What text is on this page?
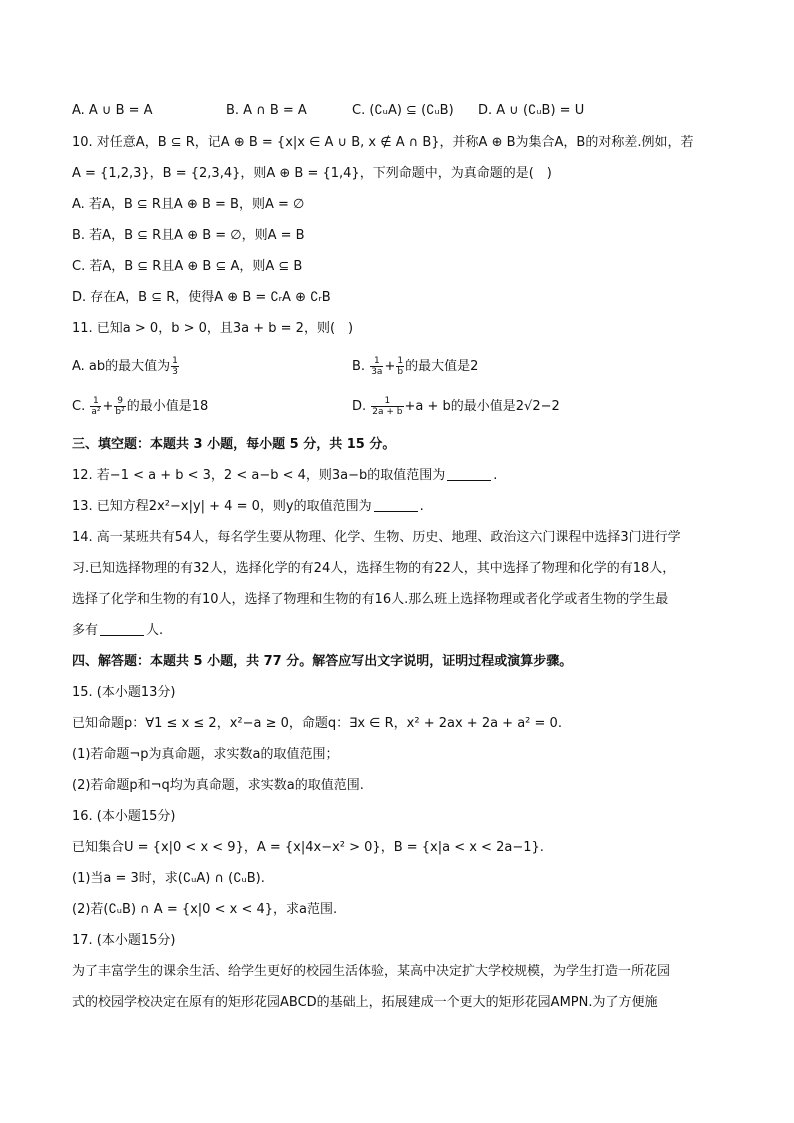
A. A ∪ B = A	B. A ∩ B = A	C. (∁ᵤA) ⊆ (∁ᵤB) D. A ∪ (∁ᵤB) = U
10. 对任意A，B ⊆ R，记A ⊕ B = {x|x ∈ A ∪ B, x ∉ A ∩ B}，并称A ⊕ B为集合A，B的对称差.例如，若
A = {1,2,3}，B = {2,3,4}，则A ⊕ B = {1,4}，下列命题中，为真命题的是(　)
A. 若A，B ⊆ R且A ⊕ B = B，则A = ∅
B. 若A，B ⊆ R且A ⊕ B = ∅，则A = B
C. 若A，B ⊆ R且A ⊕ B ⊆ A，则A ⊆ B
D. 存在A，B ⊆ R，使得A ⊕ B = ∁ᵣA ⊕ ∁ᵣB
11. 已知a > 0，b > 0，且3a + b = 2，则(　)
A. ab的最大值为 $\frac{1}{3}$	B. $\frac{1}{3a} + \frac{1}{b}$ 的最大值是2
C. $\frac{1}{\text{a²}} + \frac{9}{\text{b²}}$ 的最小值是18	D. $\frac{1}{2a + b} +a + b$的最小值是2√2−2
三、填空题：本题共 3 小题，每小题 5 分，共 15 分。
12. 若−1 < a + b < 3，2 < a−b < 4，则3a−b的取值范围为	.
13. 已知方程2x²−x|y| + 4 = 0，则y的取值范围为	.
14. 高一某班共有54人，每名学生要从物理、化学、生物、历史、地理、政治这六门课程中选择3门进行学
习.已知选择物理的有32人，选择化学的有24人，选择生物的有22人，其中选择了物理和化学的有18人，
选择了化学和生物的有10人，选择了物理和生物的有16人.那么班上选择物理或者化学或者生物的学生最
多有	人.
四、解答题：本题共 5 小题，共 77 分。解答应写出文字说明，证明过程或演算步骤。
15. (本小题13分)
已知命题p：∀1 ≤ x ≤ 2，x²−a ≥ 0，命题q：∃x ∈ R，x² + 2ax + 2a + a² = 0.
(1)若命题¬p为真命题，求实数a的取值范围；
(2)若命题p和¬q均为真命题，求实数a的取值范围.
16. (本小题15分)
已知集合U = {x|0 < x < 9}，A = {x|4x−x² > 0}，B = {x|a < x < 2a−1}.
(1)当a = 3时，求(∁ᵤA) ∩ (∁ᵤB).
(2)若(∁ᵤB) ∩ A = {x|0 < x < 4}，求a范围.
17. (本小题15分)
为了丰富学生的课余生活、给学生更好的校园生活体验，某高中决定扩大学校规模，为学生打造一所花园
式的校园学校决定在原有的矩形花园ABCD的基础上，拓展建成一个更大的矩形花园AMPN.为了方便施
